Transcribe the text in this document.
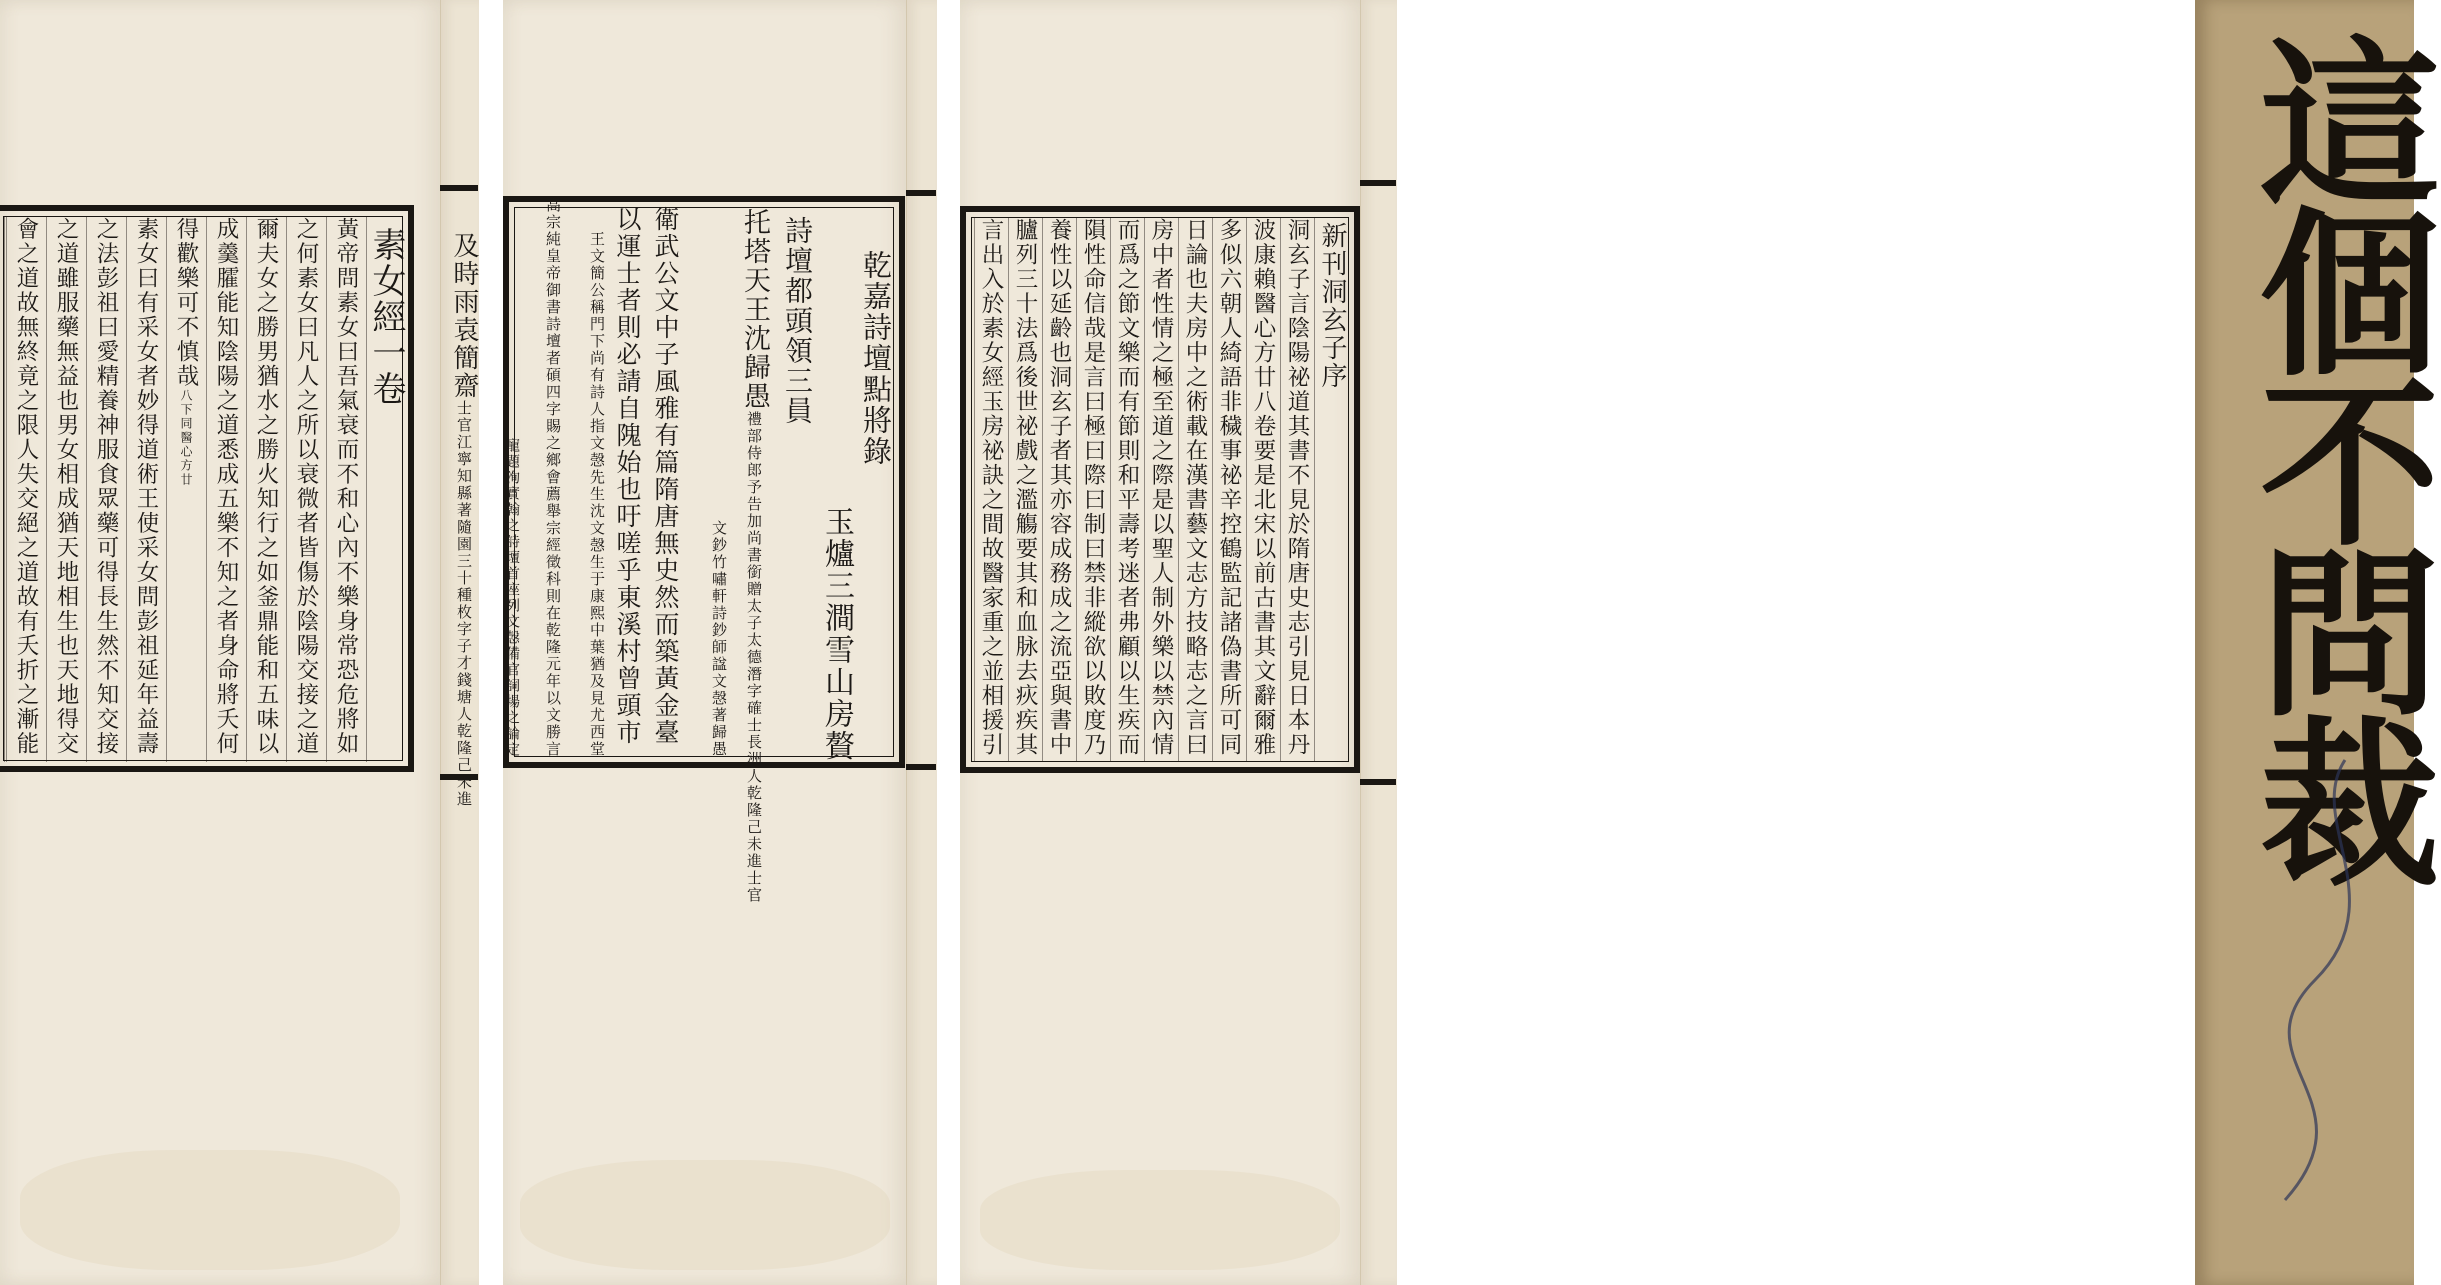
素女經一卷
黃帝問素女曰吾氣衰而不和心內不樂身常恐危將如
之何素女曰凡人之所以衰微者皆傷於陰陽交接之道
爾夫女之勝男猶水之勝火知行之如釜鼎能和五味以
成羹臛能知陰陽之道悉成五樂不知之者身命將夭何
得歡樂可不慎哉
醫心方廿
八下同
素女曰有采女者妙得道術王使采女問彭祖延年益壽
之法彭祖曰愛精養神服食眾藥可得長生然不知交接
之道雖服藥無益也男女相成猶天地相生也天地得交
會之道故無終竟之限人失交絕之道故有夭折之漸能	乾嘉詩壇點將錄
玉爐三澗雪山房贅
詩壇都頭領三員
托塔天王沈歸愚
德潛字確士長洲人乾隆己未進士官
禮部侍郎予告加尚書銜贈太子太
師諡文愨著歸愚
文鈔竹嘯軒詩鈔
衛武公文中子風雅有篇隋唐無史然而築黃金臺
以運士者則必請自隗始也吁嗟乎東溪村曾頭市
沈文愨生于康熙中葉猶及見尤西堂
王文簡公稱門下尚有詩人指文愨先生
薦舉宗經徵科則在乾隆元年以文勝言
高宗純皇帝御書詩壇者碩四字賜之鄉會
列文愨備官詞場之論定
寵題洵實翰之詩壇首座
及時雨袁簡齋
枚字子才錢塘人乾隆己未進
士官江寧知縣著隨園三十種
新刊洞玄子序
洞玄子言陰陽祕道其書不見於隋唐史志引見日本丹
波康賴醫心方廿八卷要是北宋以前古書其文辭爾雅
多似六朝人綺語非穢事祕辛控鶴監記諸偽書所可同
日論也夫房中之術載在漢書藝文志方技略志之言曰
房中者性情之極至道之際是以聖人制外樂以禁內情
而爲之節文樂而有節則和平壽考迷者弗顧以生疾而
隕性命信哉是言曰極曰際曰制曰禁非縱欲以敗度乃
養性以延齡也洞玄子者其亦容成務成之流亞與書中
臚列三十法爲後世祕戲之濫觴要其和血脉去疢疾其
言出入於素女經玉房祕訣之間故醫家重之並相援引	這個不問裁
